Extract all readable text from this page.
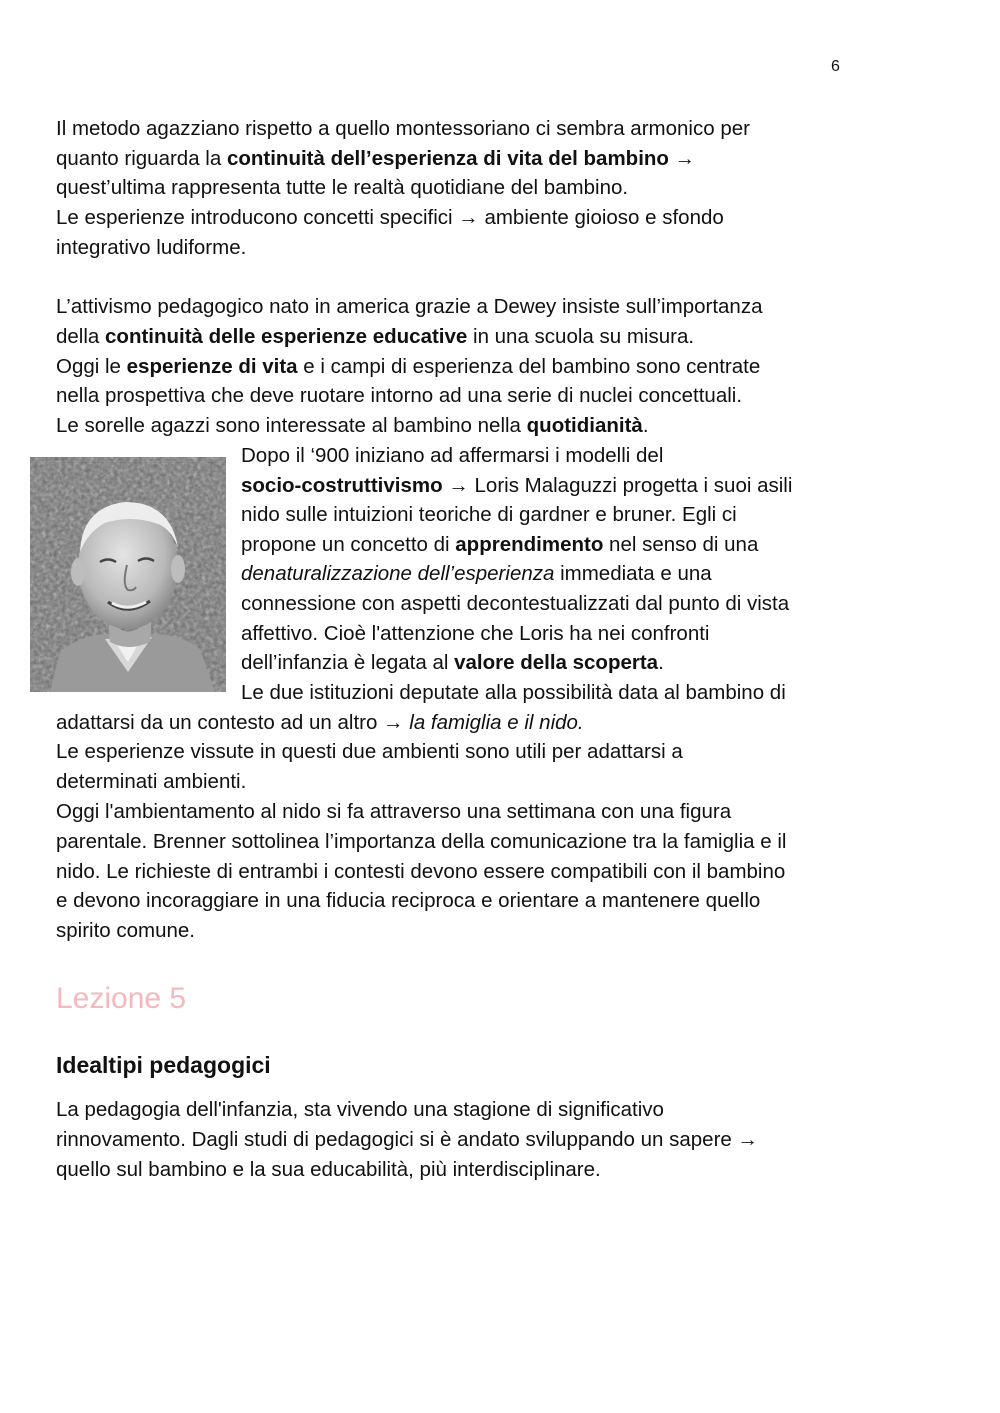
6
Il metodo agazziano rispetto a quello montessoriano ci sembra armonico per
quanto riguarda la continuità dell’esperienza di vita del bambino →
quest’ultima rappresenta tutte le realtà quotidiane del bambino.
Le esperienze introducono concetti specifici → ambiente gioioso e sfondo
integrativo ludiforme.
L’attivismo pedagogico nato in america grazie a Dewey insiste sull’importanza
della continuità delle esperienze educative in una scuola su misura.
Oggi le esperienze di vita e i campi di esperienza del bambino sono centrate
nella prospettiva che deve ruotare intorno ad una serie di nuclei concettuali.
Le sorelle agazzi sono interessate al bambino nella quotidianità.
Dopo il ‘900 iniziano ad affermarsi i modelli del
socio-costruttivismo → Loris Malaguzzi progetta i suoi asili
nido sulle intuizioni teoriche di gardner e bruner. Egli ci
propone un concetto di apprendimento nel senso di una
denaturalizzazione dell’esperienza immediata e una
connessione con aspetti decontestualizzati dal punto di vista
affettivo. Cioè l'attenzione che Loris ha nei confronti
dell’infanzia è legata al valore della scoperta.
Le due istituzioni deputate alla possibilità data al bambino di
adattarsi da un contesto ad un altro → la famiglia e il nido.
Le esperienze vissute in questi due ambienti sono utili per adattarsi a
determinati ambienti.
Oggi l'ambientamento al nido si fa attraverso una settimana con una figura
parentale. Brenner sottolinea l’importanza della comunicazione tra la famiglia e il
nido. Le richieste di entrambi i contesti devono essere compatibili con il bambino
e devono incoraggiare in una fiducia reciproca e orientare a mantenere quello
spirito comune.
Lezione 5
Idealtipi pedagogici
La pedagogia dell'infanzia, sta vivendo una stagione di significativo
rinnovamento. Dagli studi di pedagogici si è andato sviluppando un sapere →
quello sul bambino e la sua educabilità, più interdisciplinare.
